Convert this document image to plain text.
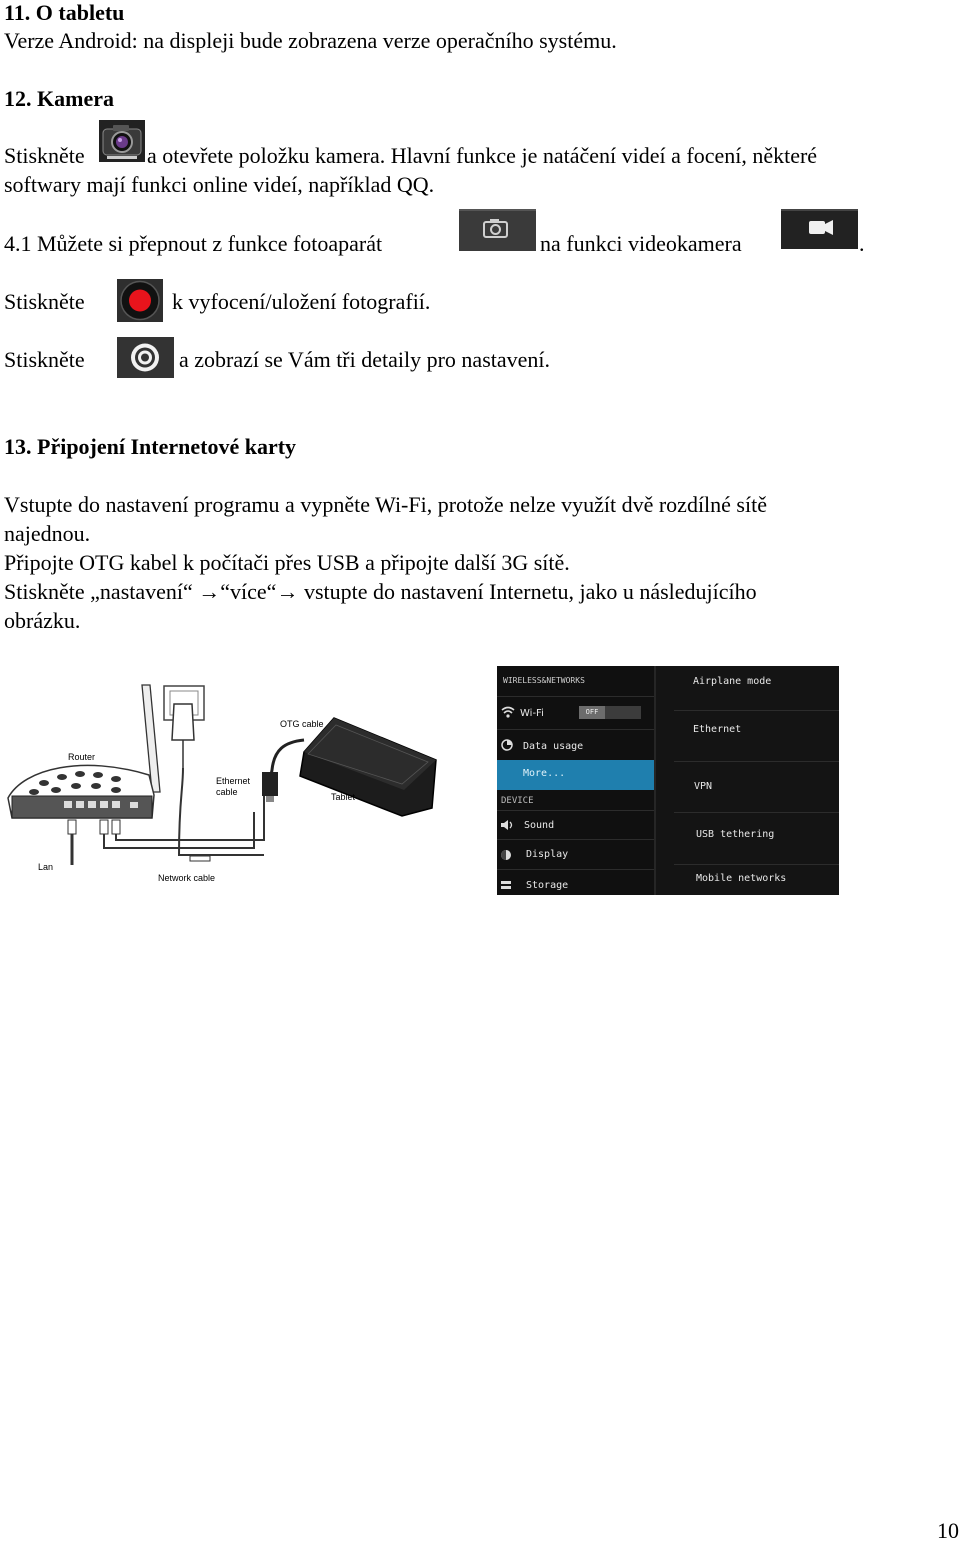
11. O tabletu
Verze Android: na displeji bude zobrazena verze operačního systému.
12. Kamera
Stiskněte	a otevřete položku kamera. Hlavní funkce je natáčení videí a focení, některé
softwary mají funkci online videí, například QQ.
4.1 Můžete si přepnout z funkce fotoaparát	na funkci videokamera	.
Stiskněte	k vyfocení/uložení fotografií.
Stiskněte	a zobrazí se Vám tři detaily pro nastavení.
13. Připojení Internetové karty
Vstupte do nastavení programu a vypněte Wi-Fi, protože nelze využít dvě rozdílné sítě
najednou.
Připojte OTG kabel k počítači přes USB a připojte další 3G sítě.
Stiskněte „nastavení“ →“více“→ vstupte do nastavení Internetu, jako u následujícího
obrázku.
Router
OTG cable
Ethernet
cable	Tablet
Lan
Network cable
WIRELESS&NETWORKS
Wi-Fi	OFF
Data usage
More...
DEVICE
Sound
Display
Storage
Airplane mode
Ethernet
VPN
USB tethering
Mobile networks
10
